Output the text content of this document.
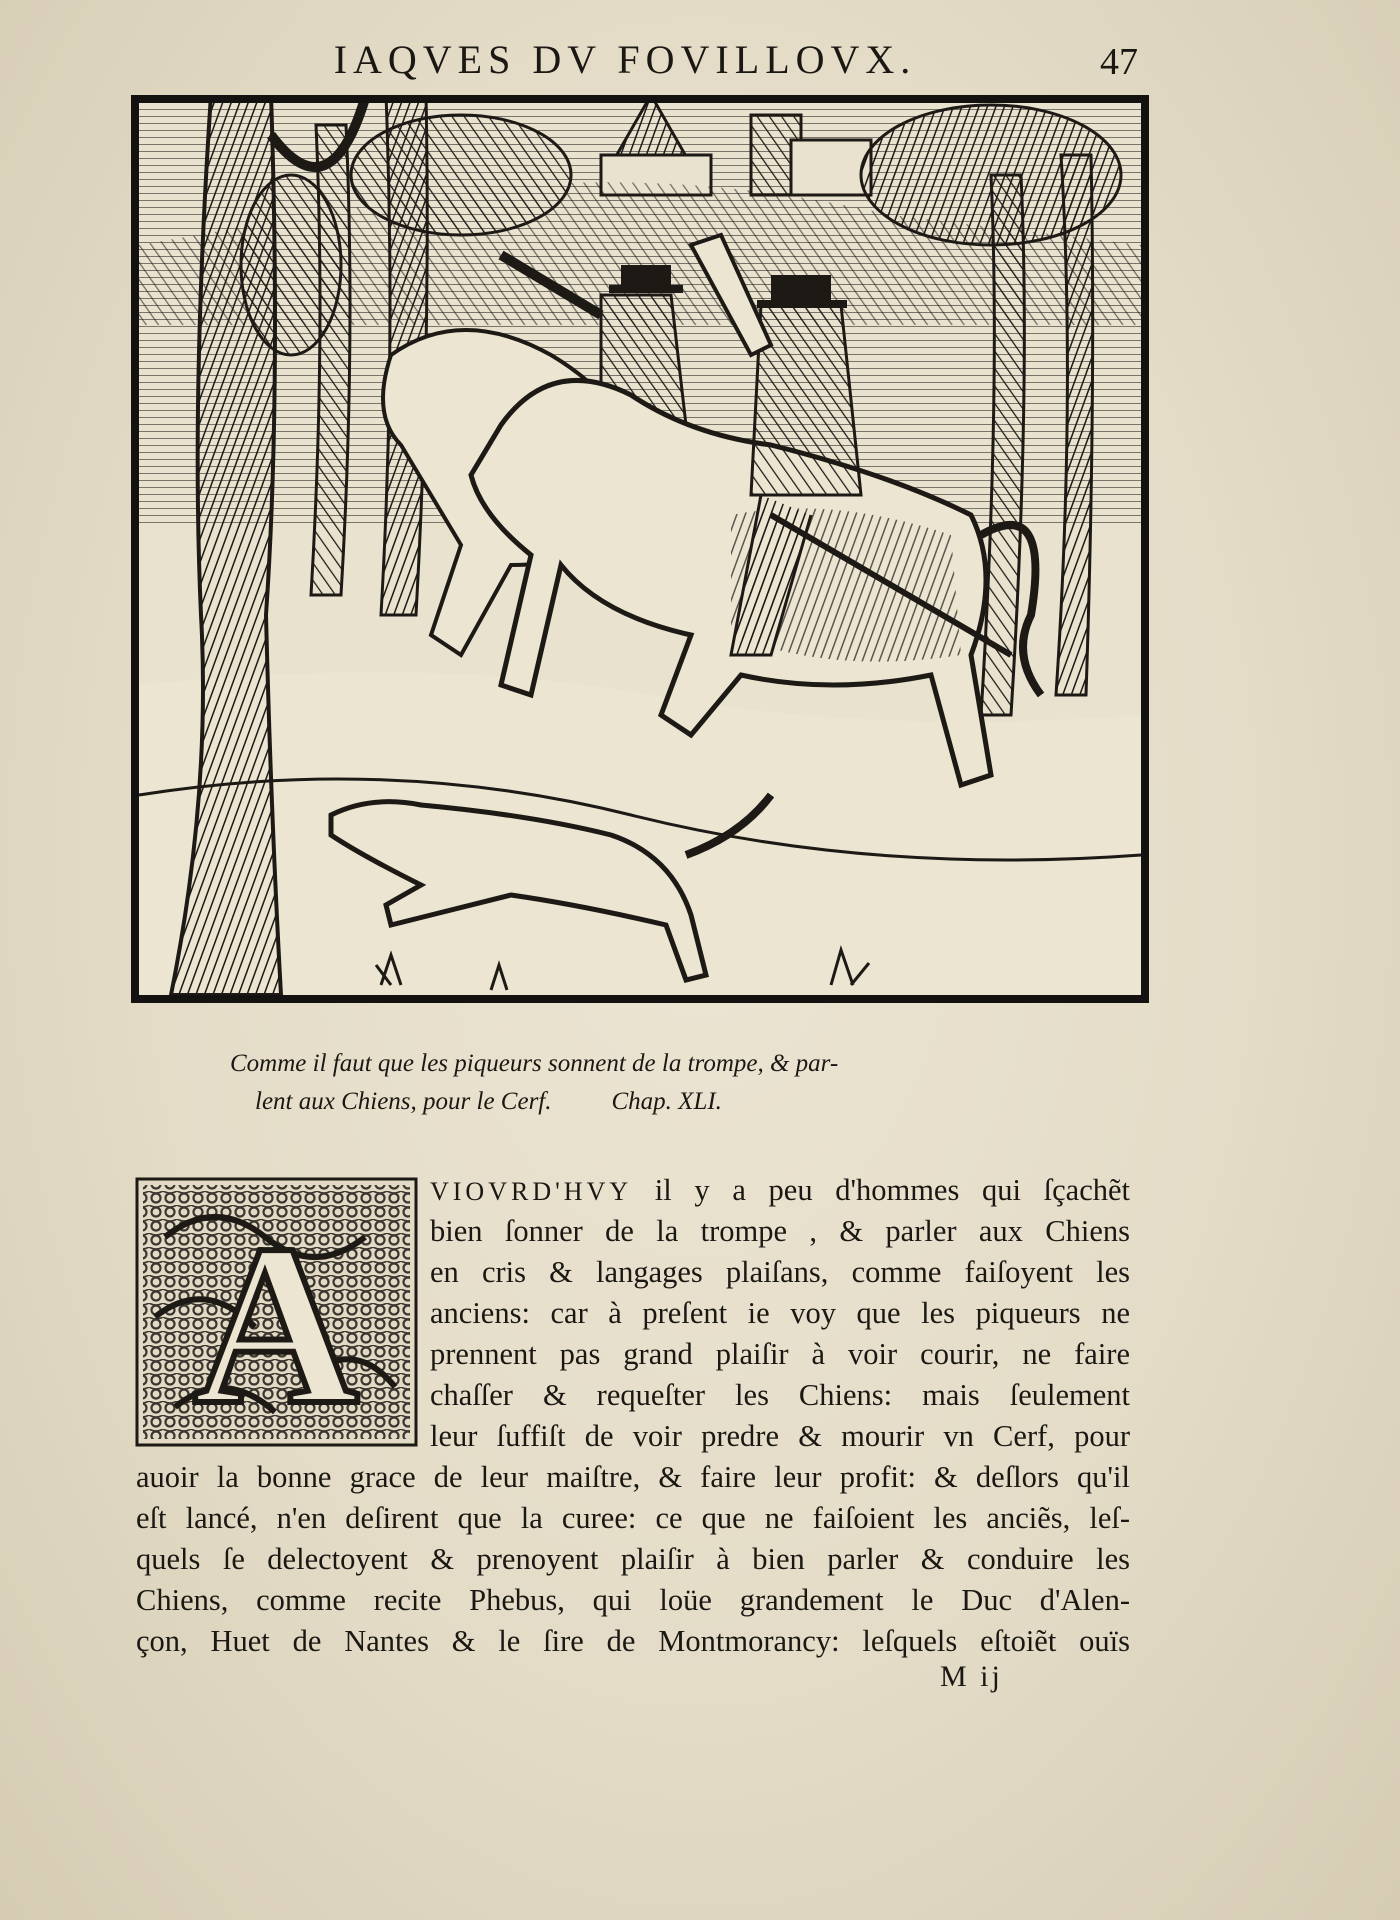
IAQVES DV FOVILLOVX.	47
Comme il faut que les piqueurs sonnent de la trompe, & par-
lent aux Chiens, pour le Cerf. Chap. XLI.
A
VIOVRD'HVY il y a peu d'hommes qui ſçachẽt
bien ſonner de la trompe , & parler aux Chiens
en cris & langages plaiſans, comme faiſoyent les
anciens: car à preſent ie voy que les piqueurs ne
prennent pas grand plaiſir à voir courir, ne faire
chaſſer & requeſter les Chiens: mais ſeulement
leur ſuffiſt de voir predre & mourir vn Cerf, pour
auoir la bonne grace de leur maiſtre, & faire leur profit: & deſlors qu'il
eſt lancé, n'en deſirent que la curee: ce que ne faiſoient les anciẽs, leſ-
quels ſe delectoyent & prenoyent plaiſir à bien parler & conduire les
Chiens, comme recite Phebus, qui loüe grandement le Duc d'Alen-
çon, Huet de Nantes & le ſire de Montmorancy: leſquels eſtoiẽt ouïs
M ij
